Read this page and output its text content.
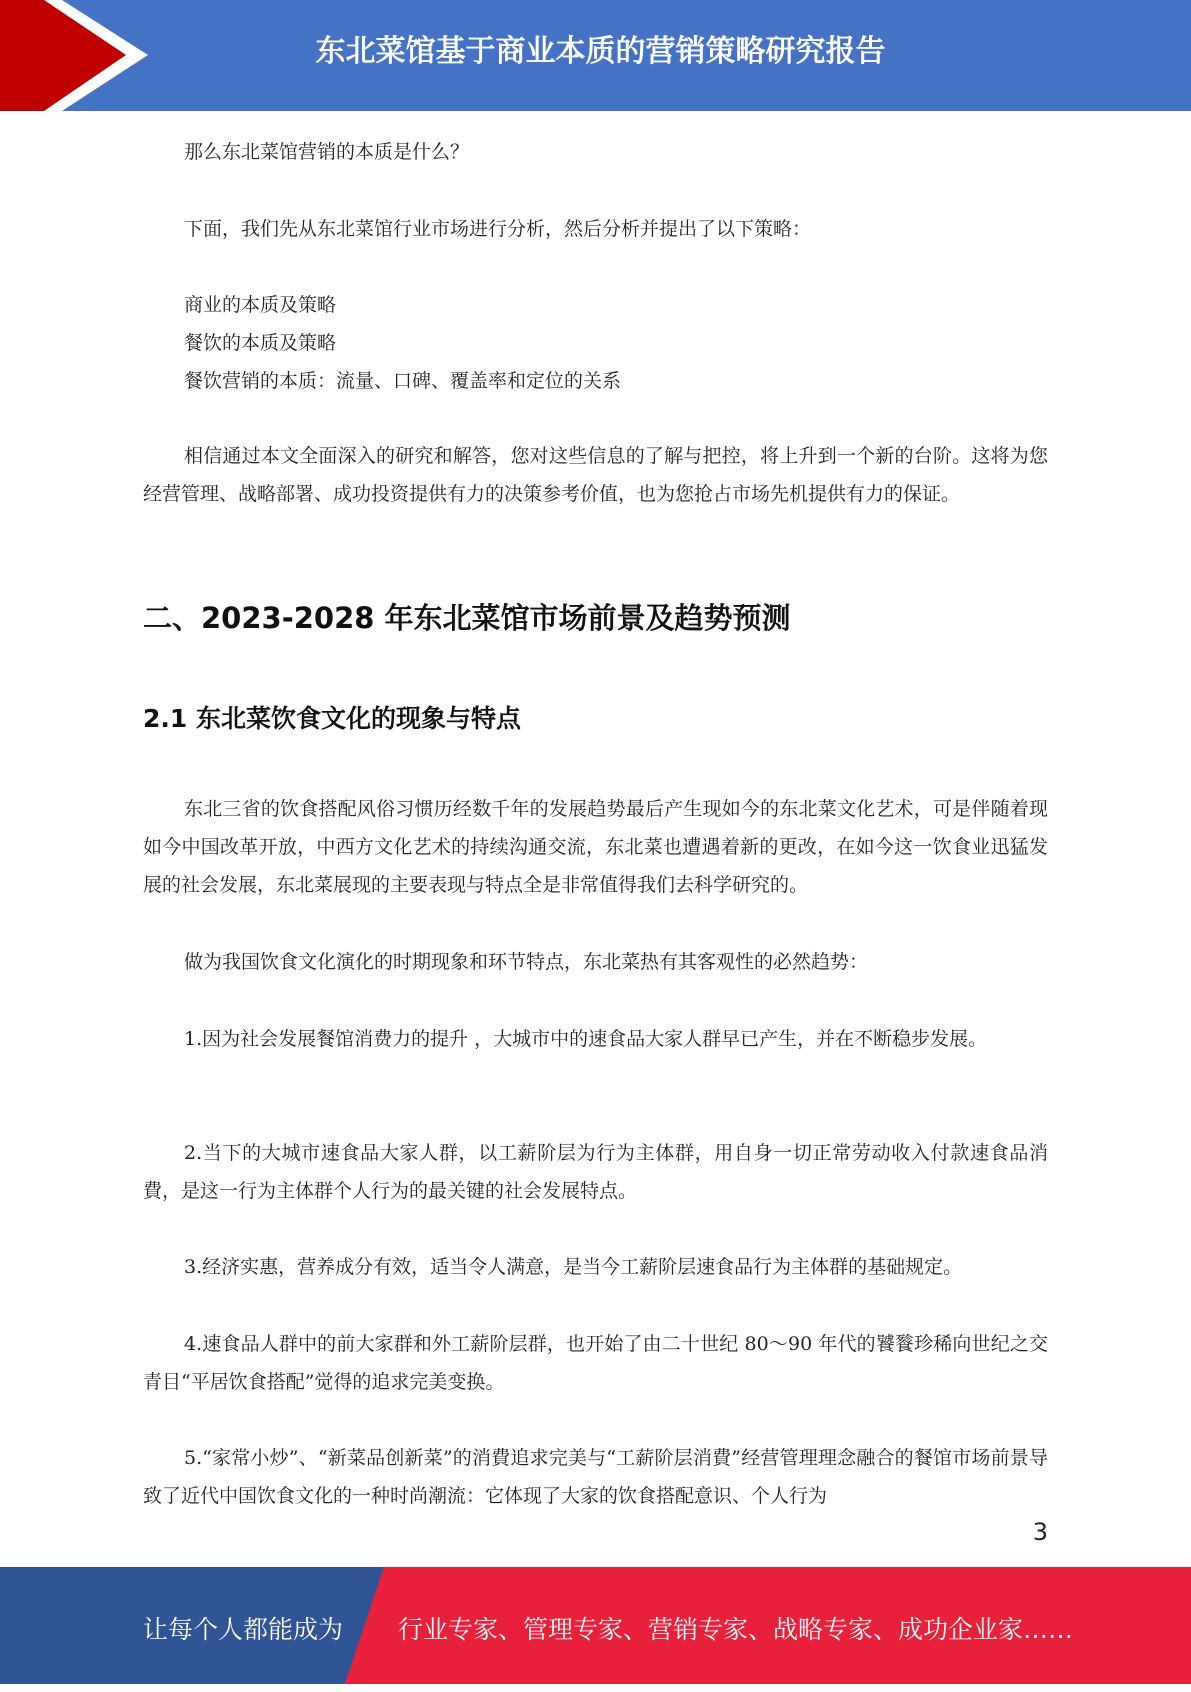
东北菜馆基于商业本质的营销策略研究报告

那么东北菜馆营销的本质是什么？

下面，我们先从东北菜馆行业市场进行分析，然后分析并提出了以下策略：

商业的本质及策略

餐饮的本质及策略

餐饮营销的本质：流量、口碑、覆盖率和定位的关系

相信通过本文全面深入的研究和解答，您对这些信息的了解与把控，将上升到一个新的台阶。这将为您经营管理、战略部署、成功投资提供有力的决策参考价值，也为您抢占市场先机提供有力的保证。

二、2023-2028 年东北菜馆市场前景及趋势预测
2.1 东北菜饮食文化的现象与特点

东北三省的饮食搭配风俗习惯历经数千年的发展趋势最后产生现如今的东北菜文化艺术，可是伴随着现如今中国改革开放，中西方文化艺术的持续沟通交流，东北菜也遭遇着新的更改，在如今这一饮食业迅猛发展的社会发展，东北菜展现的主要表现与特点全是非常值得我们去科学研究的。

做为我国饮食文化演化的时期现象和环节特点，东北菜热有其客观性的必然趋势：

1.因为社会发展餐馆消费力的提升 ，大城市中的速食品大家人群早已产生，并在不断稳步发展。

2.当下的大城市速食品大家人群，以工薪阶层为行为主体群，用自身一切正常劳动收入付款速食品消費，是这一行为主体群个人行为的最关键的社会发展特点。

3.经济实惠，营养成分有效，适当令人满意，是当今工薪阶层速食品行为主体群的基础规定。

4.速食品人群中的前大家群和外工薪阶层群，也开始了由二十世纪 80～90 年代的饕餮珍稀向世纪之交青目“平居饮食搭配”觉得的追求完美变换。

5.“家常小炒”、“新菜品创新菜”的消費追求完美与“工薪阶层消費”经营管理理念融合的餐馆市场前景导致了近代中国饮食文化的一种时尚潮流：它体现了大家的饮食搭配意识、个人行为

3
让每个人都能成为 行业专家、管理专家、营销专家、战略专家、成功企业家……
